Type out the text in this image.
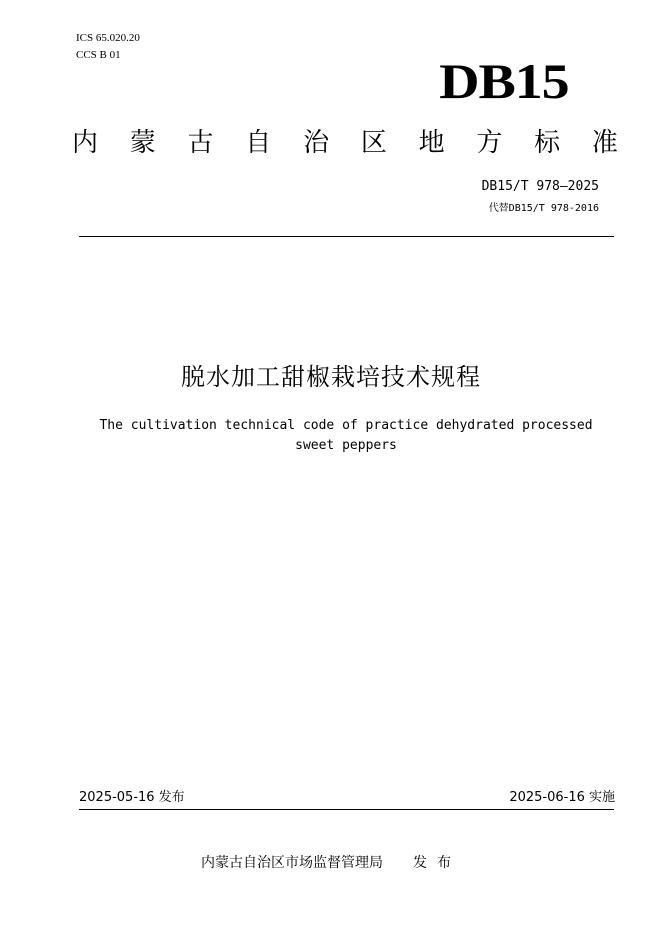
ICS 65.020.20
CCS B 01	DB15
内 蒙 古 自 治 区 地 方 标 准
DB15/T 978—2025
代替DB15/T 978-2016
脱水加工甜椒栽培技术规程
The cultivation technical code of practice dehydrated processed sweet peppers
2025-05-16 发布	2025-06-16 实施
内蒙古自治区市场监督管理局 发布
